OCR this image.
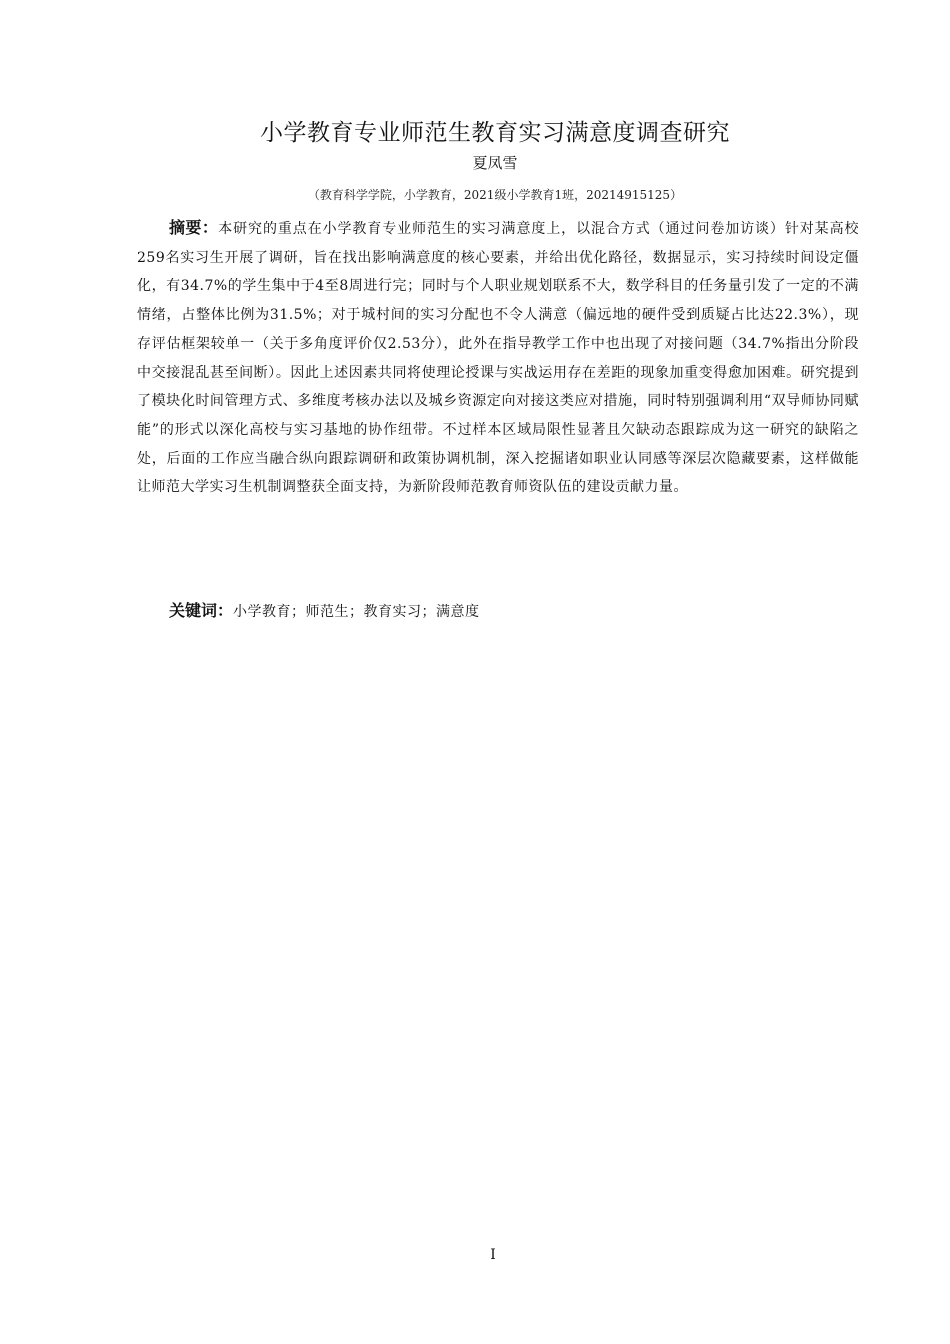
小学教育专业师范生教育实习满意度调查研究
夏凤雪
（教育科学学院，小学教育，2021级小学教育1班，20214915125）

摘要：本研究的重点在小学教育专业师范生的实习满意度上，以混合方式（通过问卷加访谈）针对某高校259名实习生开展了调研，旨在找出影响满意度的核心要素，并给出优化路径，数据显示，实习持续时间设定僵化，有34.7%的学生集中于4至8周进行完；同时与个人职业规划联系不大，数学科目的任务量引发了一定的不满情绪，占整体比例为31.5%；对于城村间的实习分配也不令人满意（偏远地的硬件受到质疑占比达22.3%），现存评估框架较单一（关于多角度评价仅2.53分），此外在指导教学工作中也出现了对接问题（34.7%指出分阶段中交接混乱甚至间断）。因此上述因素共同将使理论授课与实战运用存在差距的现象加重变得愈加困难。研究提到了模块化时间管理方式、多维度考核办法以及城乡资源定向对接这类应对措施，同时特别强调利用“双导师协同赋能”的形式以深化高校与实习基地的协作纽带。不过样本区域局限性显著且欠缺动态跟踪成为这一研究的缺陷之处，后面的工作应当融合纵向跟踪调研和政策协调机制，深入挖掘诸如职业认同感等深层次隐藏要素，这样做能让师范大学实习生机制调整获全面支持，为新阶段师范教育师资队伍的建设贡献力量。

关键词：小学教育；师范生；教育实习；满意度

I
